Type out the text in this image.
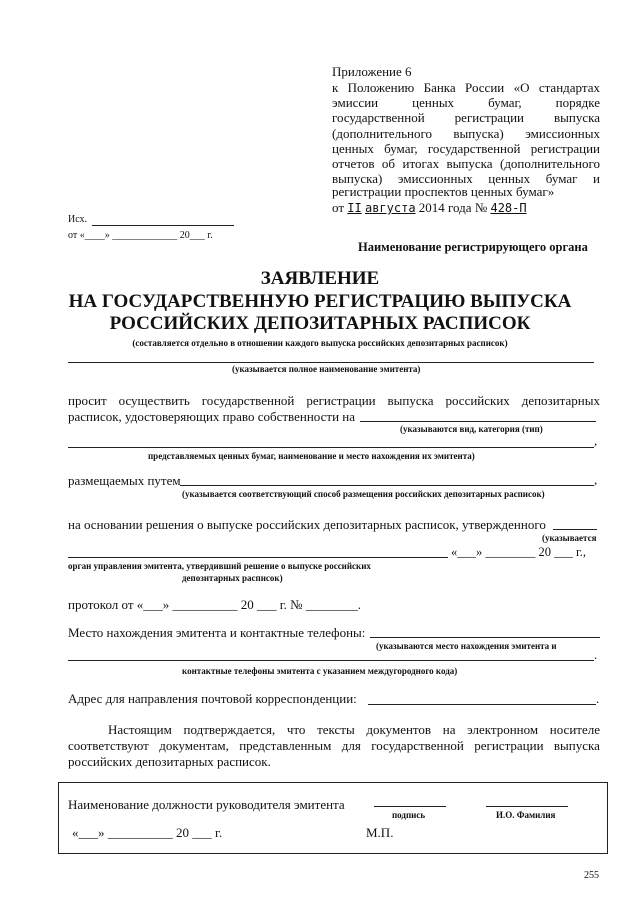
Приложение 6
к Положению Банка России «О стандартах
эмиссии	ценных	бумаг,	порядке
государственной регистрации выпуска
(дополнительного выпуска) эмиссионных
ценных бумаг, государственной регистрации
отчетов об итогах выпуска (дополнительного
выпуска) эмиссионных ценных бумаг и
регистрации проспектов ценных бумаг»
от II августа 2014 года № 428-П
Исх.
от «____» _____________ 20___ г.
Наименование регистрирующего органа
ЗАЯВЛЕНИЕ
НА ГОСУДАРСТВЕННУЮ РЕГИСТРАЦИЮ ВЫПУСКА
РОССИЙСКИХ ДЕПОЗИТАРНЫХ РАСПИСОК
(составляется отдельно в отношении каждого выпуска российских депозитарных расписок)
(указывается полное наименование эмитента)
просит осуществить государственной регистрации выпуска российских депозитарных
расписок, удостоверяющих право собственности на
(указываются вид, категория (тип)
,
представляемых ценных бумаг, наименование и место нахождения их эмитента)
размещаемых путем	,
(указывается соответствующий способ размещения российских депозитарных расписок)
на основании решения о выпуске российских депозитарных расписок, утвержденного
(указывается
«___» ________ 20 ___ г.,
орган управления эмитента, утвердивший решение о выпуске российских
депозитарных расписок)
протокол от «___» __________ 20 ___ г. № ________.
Место нахождения эмитента и контактные телефоны:
(указываются место нахождения эмитента и
.
контактные телефоны эмитента с указанием междугородного кода)
Адрес для направления почтовой корреспонденции:	.
Настоящим подтверждается, что тексты документов на электронном носителе
соответствуют документам, представленным для государственной регистрации выпуска
российских депозитарных расписок.
Наименование должности руководителя эмитента
подпись	И.О. Фамилия
«___» __________ 20 ___ г.	М.П.
255
